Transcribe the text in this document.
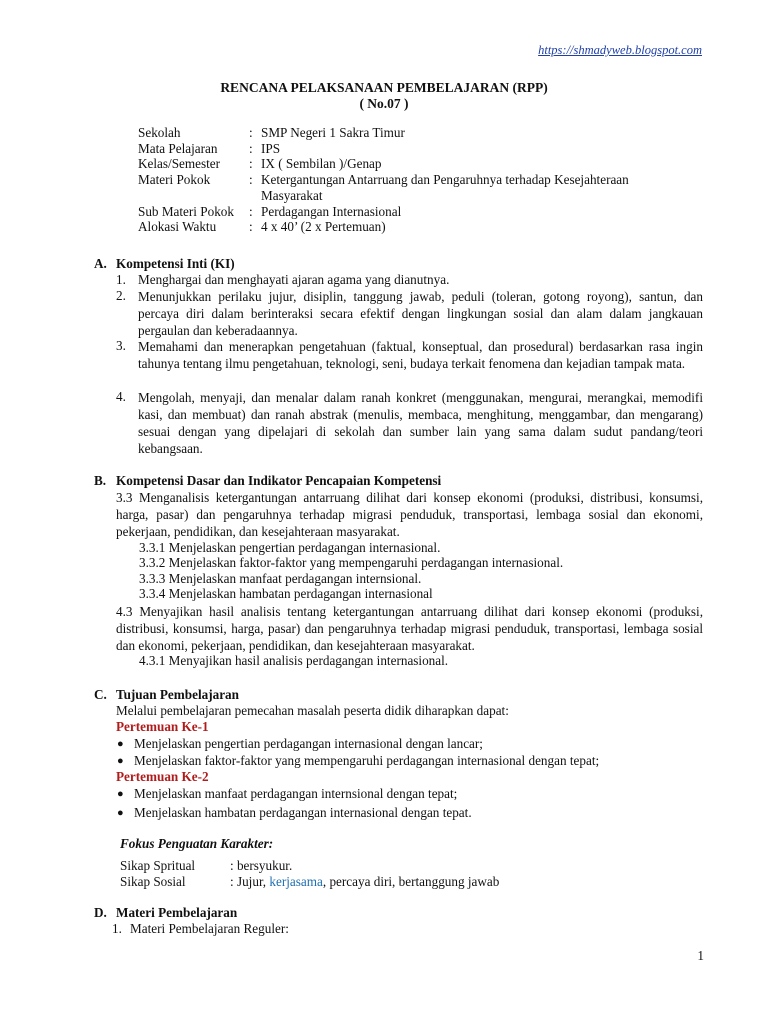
https://shmadyweb.blogspot.com
RENCANA PELAKSANAAN PEMBELAJARAN (RPP)
( No.07 )
Sekolah	: SMP Negeri 1 Sakra Timur
Mata Pelajaran : IPS
Kelas/Semester : IX ( Sembilan )/Genap
Materi Pokok	: Ketergantungan Antarruang dan Pengaruhnya terhadap Kesejahteraan
Masyarakat
Sub Materi Pokok : Perdagangan Internasional
Alokasi Waktu : 4 x 40’ (2 x Pertemuan)
A. Kompetensi Inti (KI)
1. Menghargai dan menghayati ajaran agama yang dianutnya.
2. Menunjukkan perilaku jujur, disiplin, tanggung jawab, peduli (toleran, gotong royong), santun, dan percaya diri dalam berinteraksi secara efektif dengan lingkungan sosial dan alam dalam jangkauan pergaulan dan keberadaannya.
3. Memahami dan menerapkan pengetahuan (faktual, konseptual, dan prosedural) berdasarkan rasa ingin tahunya tentang ilmu pengetahuan, teknologi, seni, budaya terkait fenomena dan kejadian tampak mata.
4. Mengolah, menyaji, dan menalar dalam ranah konkret (menggunakan, mengurai, merangkai, memodifi kasi, dan membuat) dan ranah abstrak (menulis, membaca, menghitung, menggambar, dan mengarang) sesuai dengan yang dipelajari di sekolah dan sumber lain yang sama dalam sudut pandang/teori kebangsaan.
B. Kompetensi Dasar dan Indikator Pencapaian Kompetensi
3.3 Menganalisis ketergantungan antarruang dilihat dari konsep ekonomi (produksi, distribusi, konsumsi, harga, pasar) dan pengaruhnya terhadap migrasi penduduk, transportasi, lembaga sosial dan ekonomi, pekerjaan, pendidikan, dan kesejahteraan masyarakat.
3.3.1 Menjelaskan pengertian perdagangan internasional.
3.3.2 Menjelaskan faktor-faktor yang mempengaruhi perdagangan internasional.
3.3.3 Menjelaskan manfaat perdagangan internsional.
3.3.4 Menjelaskan hambatan perdagangan internasional
4.3 Menyajikan hasil analisis tentang ketergantungan antarruang dilihat dari konsep ekonomi (produksi, distribusi, konsumsi, harga, pasar) dan pengaruhnya terhadap migrasi penduduk, transportasi, lembaga sosial dan ekonomi, pekerjaan, pendidikan, dan kesejahteraan masyarakat.
4.3.1 Menyajikan hasil analisis perdagangan internasional.
C. Tujuan Pembelajaran
Melalui pembelajaran pemecahan masalah peserta didik diharapkan dapat:
Pertemuan Ke-1
● Menjelaskan pengertian perdagangan internasional dengan lancar;
● Menjelaskan faktor-faktor yang mempengaruhi perdagangan internasional dengan tepat;
Pertemuan Ke-2
● Menjelaskan manfaat perdagangan internsional dengan tepat;
● Menjelaskan hambatan perdagangan internasional dengan tepat.
Fokus Penguatan Karakter:
Sikap Spritual	: bersyukur.
Sikap Sosial	: Jujur, kerjasama, percaya diri, bertanggung jawab
D. Materi Pembelajaran
1. Materi Pembelajaran Reguler:
1
